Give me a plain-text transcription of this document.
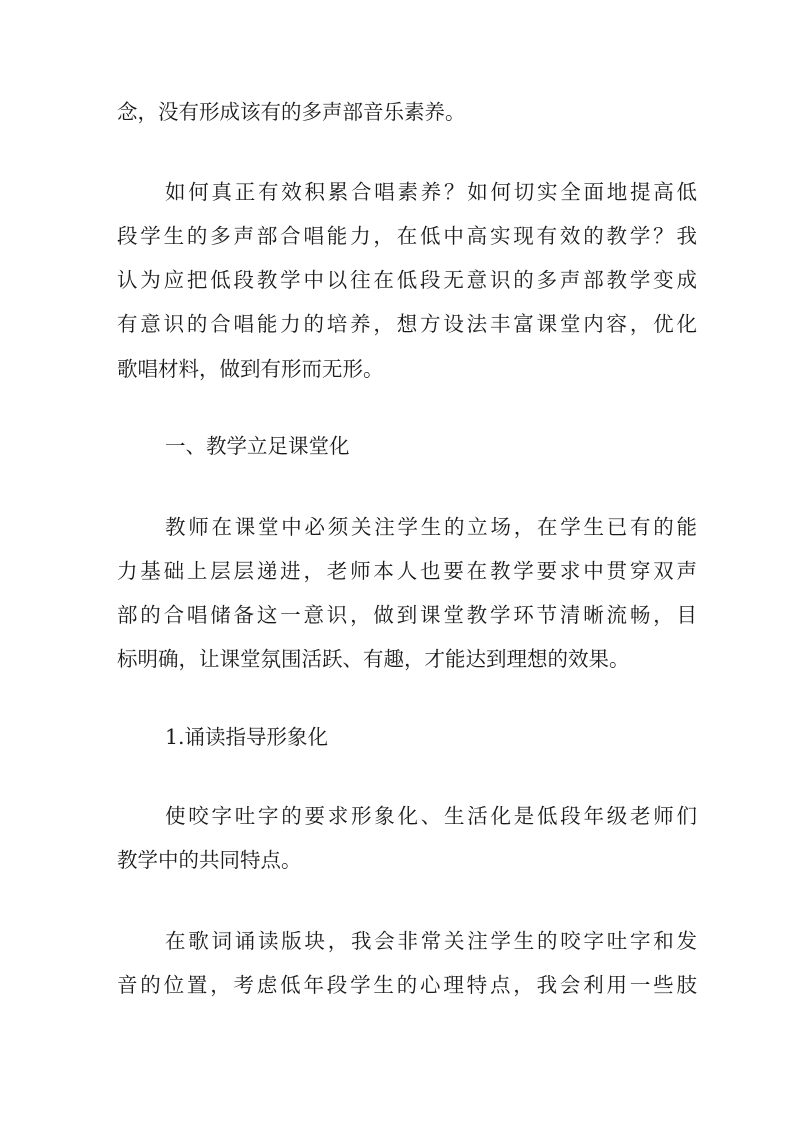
念，没有形成该有的多声部音乐素养。
如何真正有效积累合唱素养？如何切实全面地提高低
段学生的多声部合唱能力，在低中高实现有效的教学？我
认为应把低段教学中以往在低段无意识的多声部教学变成
有意识的合唱能力的培养，想方设法丰富课堂内容，优化
歌唱材料，做到有形而无形。
一、教学立足课堂化
教师在课堂中必须关注学生的立场，在学生已有的能
力基础上层层递进，老师本人也要在教学要求中贯穿双声
部的合唱储备这一意识，做到课堂教学环节清晰流畅，目
标明确，让课堂氛围活跃、有趣，才能达到理想的效果。
1.诵读指导形象化
使咬字吐字的要求形象化、生活化是低段年级老师们
教学中的共同特点。
在歌词诵读版块，我会非常关注学生的咬字吐字和发
音的位置，考虑低年段学生的心理特点，我会利用一些肢
